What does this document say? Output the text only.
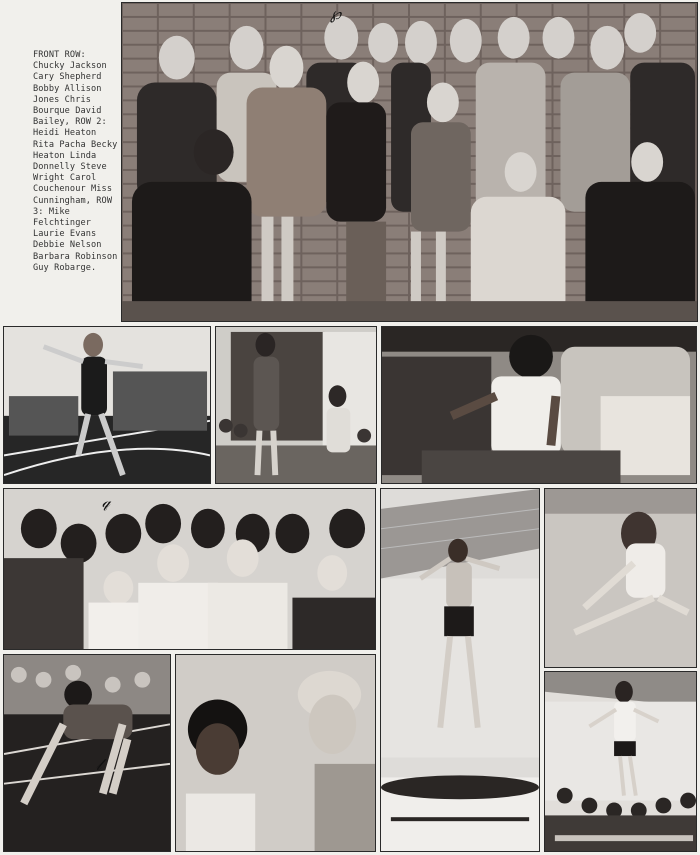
FRONT ROW: Chucky Jackson Cary Shepherd Bobby Allison Jones Chris Bourque David Bailey, ROW 2: Heidi Heaton Rita Pacha Becky Heaton Linda Donnelly Steve Wright Carol Couchenour Miss Cunningham, ROW 3: Mike Felchtinger Laurie Evans Debbie Nelson Barbara Robinson Guy Robarge.
℘
𝓆
𝓁
